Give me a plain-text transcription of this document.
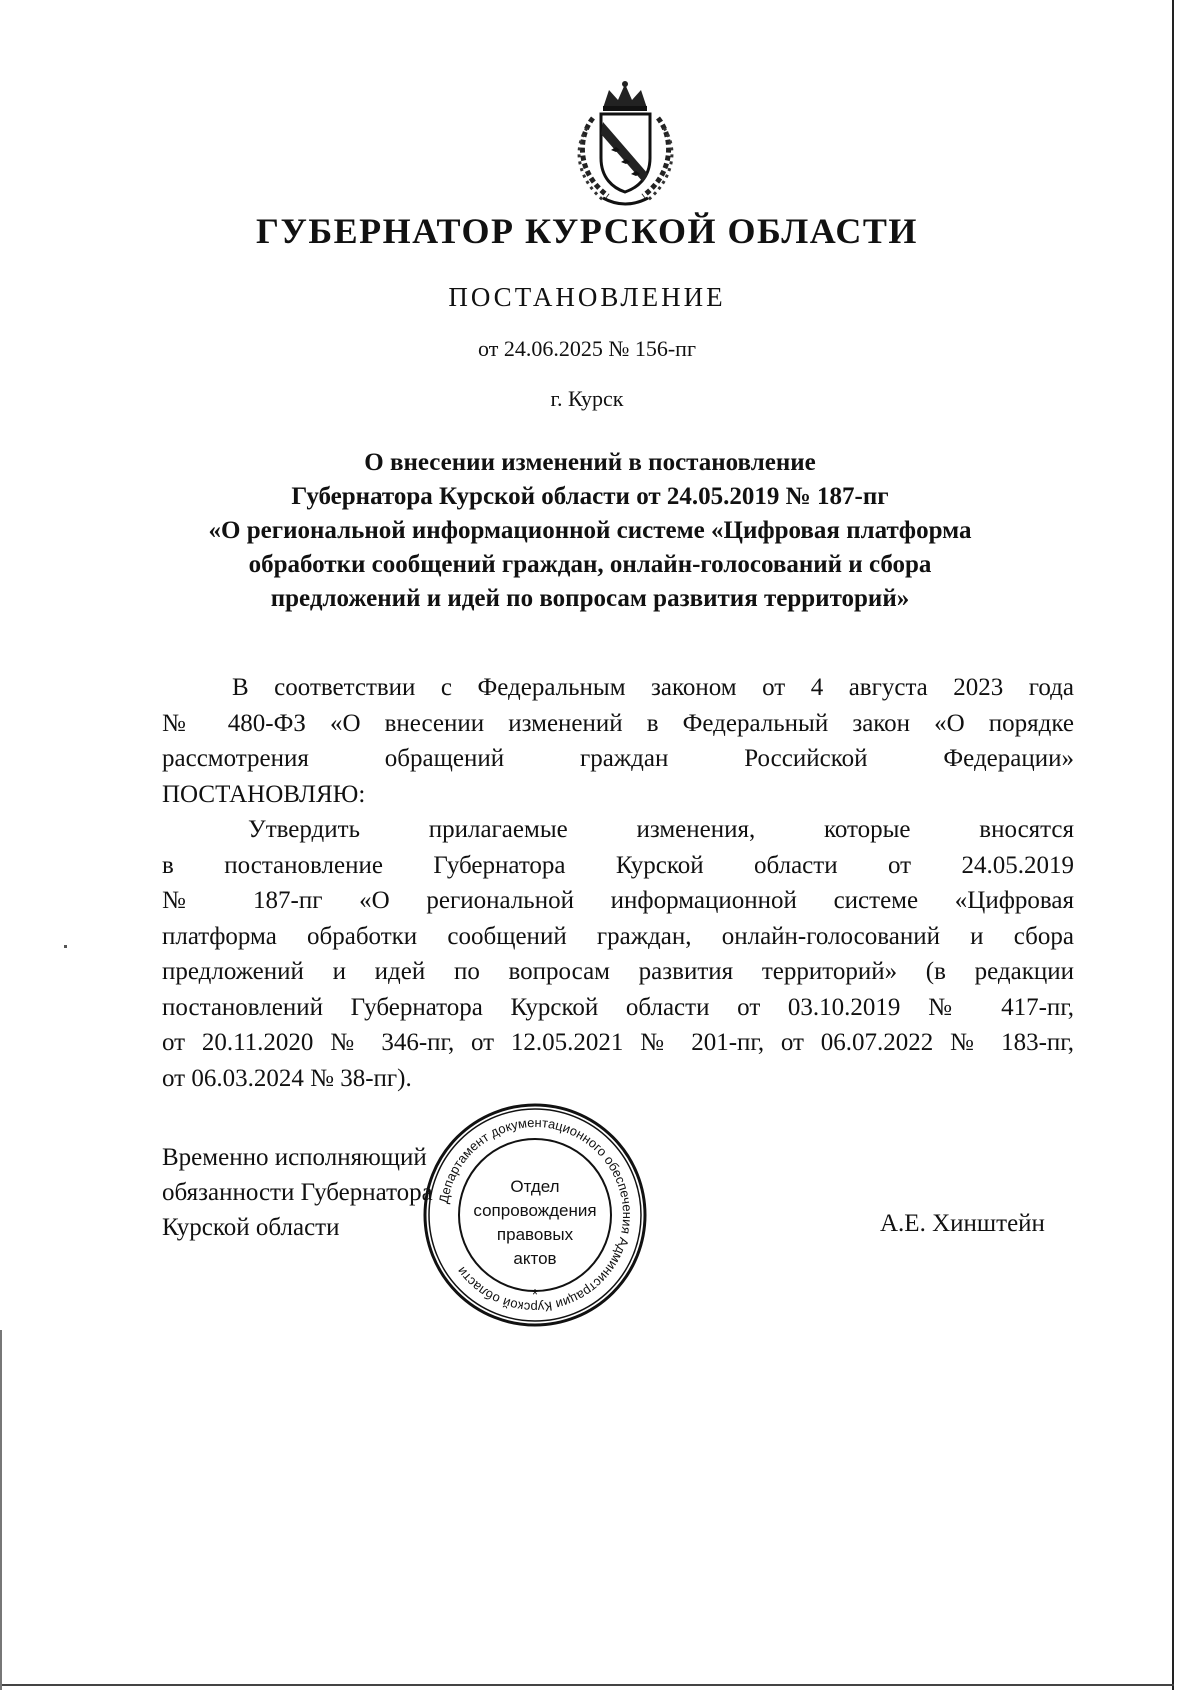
ГУБЕРНАТОР КУРСКОЙ ОБЛАСТИ
ПОСТАНОВЛЕНИЕ
от 24.06.2025 № 156-пг
г. Курск
О внесении изменений в постановление
Губернатора Курской области от 24.05.2019 № 187-пг
«О региональной информационной системе «Цифровая платформа
обработки сообщений граждан, онлайн-голосований и сбора
предложений и идей по вопросам развития территорий»
В соответствии с Федеральным законом от 4 августа 2023 года
№ 480-ФЗ «О внесении изменений в Федеральный закон «О порядке
рассмотрения обращений граждан Российской Федерации»
ПОСТАНОВЛЯЮ:
Утвердить прилагаемые изменения, которые вносятся
в постановление Губернатора Курской области от 24.05.2019
№ 187-пг «О региональной информационной системе «Цифровая
платформа обработки сообщений граждан, онлайн-голосований и сбора
предложений и идей по вопросам развития территорий» (в редакции
постановлений Губернатора Курской области от 03.10.2019 № 417-пг,
от 20.11.2020 № 346-пг, от 12.05.2021 № 201-пг, от 06.07.2022 № 183-пг,
от 06.03.2024 № 38-пг).
Временно исполняющий
обязанности Губернатора
Курской области	А.Е. Хинштейн
Департамент документационного обеспечения Администрации Курской области
*
Отдел
сопровождения
правовых
актов
